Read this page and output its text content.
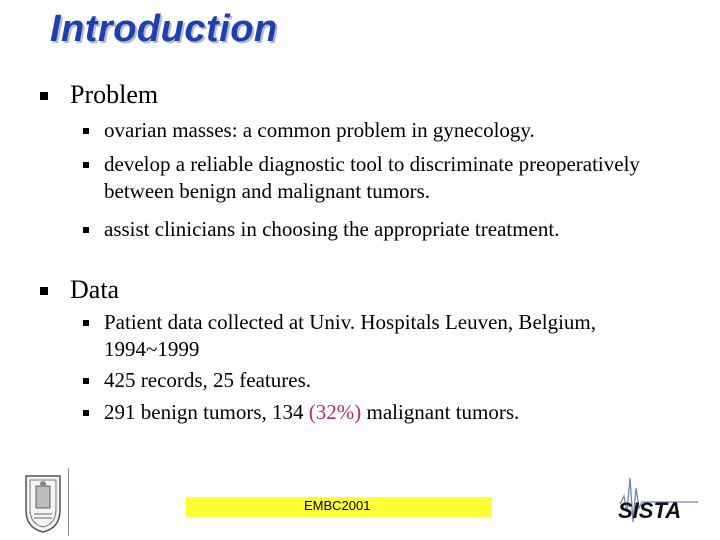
Introduction
Problem
ovarian masses: a common problem in gynecology.
develop a reliable diagnostic tool to discriminate preoperatively between benign and malignant tumors.
assist clinicians in choosing the appropriate treatment.
Data
Patient data collected at Univ. Hospitals Leuven, Belgium, 1994~1999
425 records, 25 features.
291 benign tumors, 134 (32%) malignant tumors.
EMBC2001	SISTA
